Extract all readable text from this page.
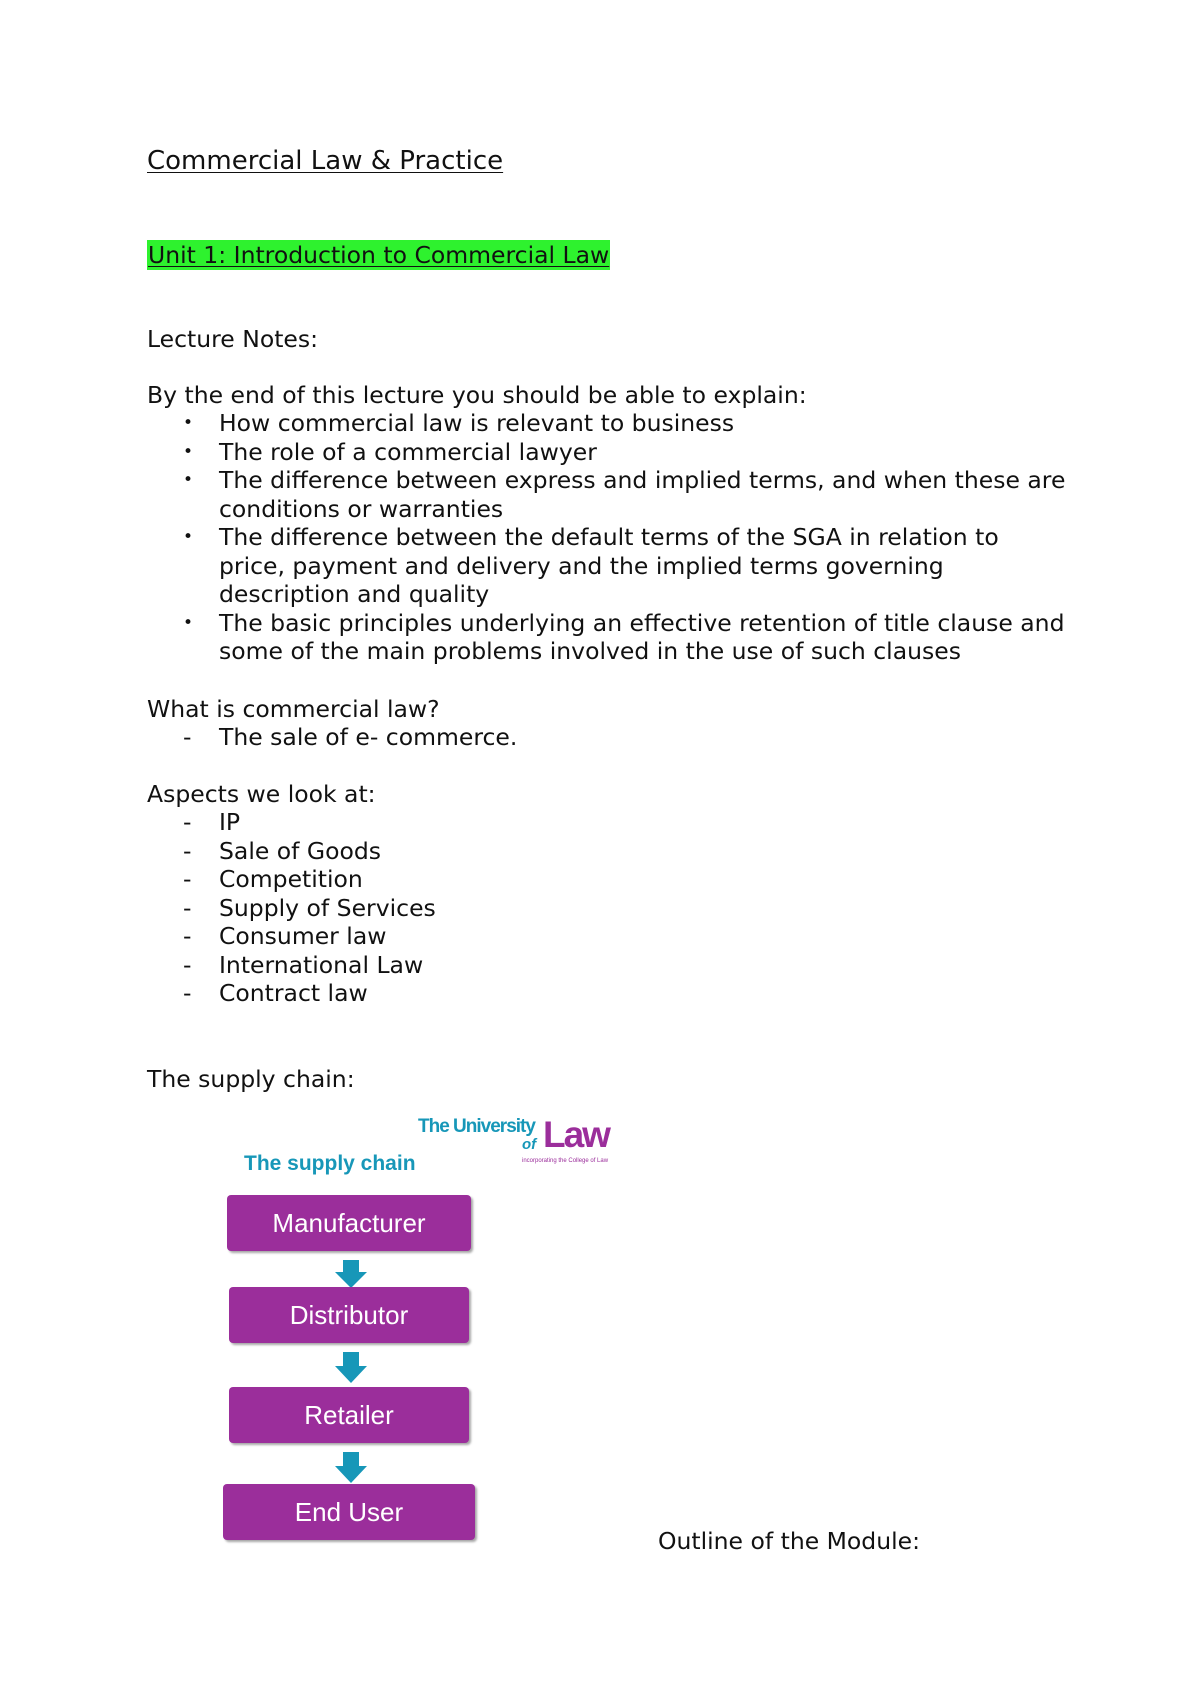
Commercial Law & Practice
Unit 1: Introduction to Commercial Law

Lecture Notes:

By the end of this lecture you should be able to explain:

•	How commercial law is relevant to business
•	The role of a commercial lawyer
•	The difference between express and implied terms, and when these are conditions or warranties
•	The difference between the default terms of the SGA in relation to price, payment and delivery and the implied terms governing description and quality
•	The basic principles underlying an effective retention of title clause and some of the main problems involved in the use of such clauses

What is commercial law?

-	The sale of e- commerce.

Aspects we look at:

-	IP
-	Sale of Goods
-	Competition
-	Supply of Services
-	Consumer law
-	International Law
-	Contract law

The supply chain:

The University
of Law
incorporating the College of Law
The supply chain
Manufacturer
Distributor
Retailer
End User

Outline of the Module:
